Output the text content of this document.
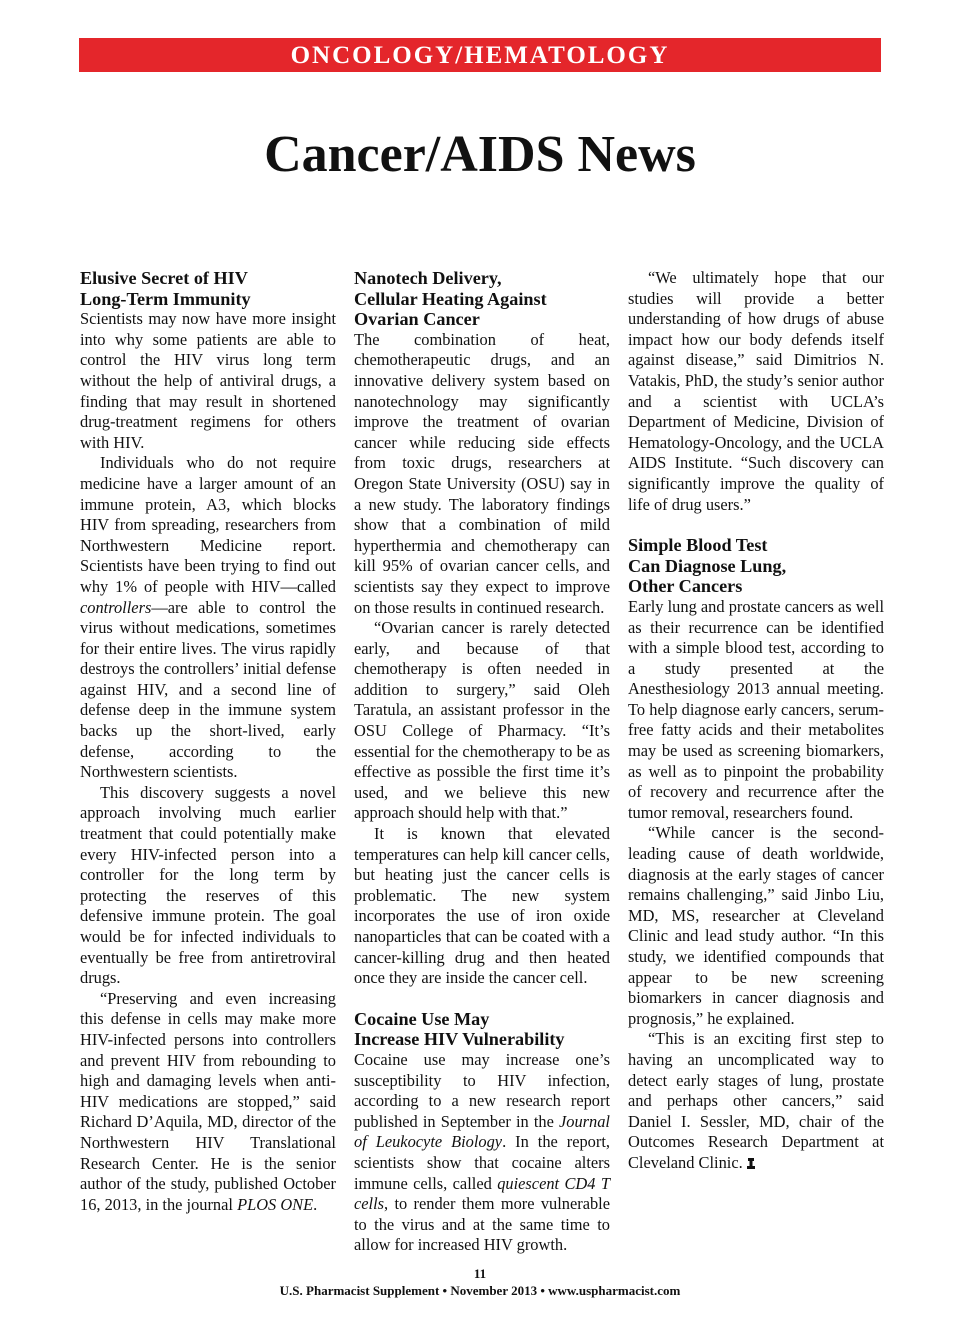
ONCOLOGY/HEMATOLOGY
Cancer/AIDS News
Elusive Secret of HIV
Long-Term Immunity

Scientists may now have more insight into why some patients are able to control the HIV virus long term without the help of antiviral drugs, a finding that may result in shortened drug-treatment regimens for others with HIV.

Individuals who do not require medicine have a larger amount of an immune protein, A3, which blocks HIV from spreading, researchers from Northwestern Medicine report. Scientists have been trying to find out why 1% of people with HIV—called controllers—are able to control the virus without medications, sometimes for their entire lives. The virus rapidly destroys the controllers’ initial defense against HIV, and a second line of defense deep in the immune system backs up the short-lived, early defense, according to the Northwestern scientists.

This discovery suggests a novel approach involving much earlier treatment that could potentially make every HIV-infected person into a controller for the long term by protecting the reserves of this defensive immune protein. The goal would be for infected individuals to eventually be free from antiretroviral drugs.

“Preserving and even increasing this defense in cells may make more HIV-infected persons into controllers and prevent HIV from rebounding to high and damaging levels when anti-HIV medications are stopped,” said Richard D’Aquila, MD, director of the Northwestern HIV Translational Research Center. He is the senior author of the study, published October 16, 2013, in the journal PLOS ONE.

Nanotech Delivery,
Cellular Heating Against
Ovarian Cancer

The combination of heat, chemotherapeutic drugs, and an innovative delivery system based on nanotechnology may significantly improve the treatment of ovarian cancer while reducing side effects from toxic drugs, researchers at Oregon State University (OSU) say in a new study. The laboratory findings show that a combination of mild hyperthermia and chemotherapy can kill 95% of ovarian cancer cells, and scientists say they expect to improve on those results in continued research.

“Ovarian cancer is rarely detected early, and because of that chemotherapy is often needed in addition to surgery,” said Oleh Taratula, an assistant professor in the OSU College of Pharmacy. “It’s essential for the chemotherapy to be as effective as possible the first time it’s used, and we believe this new approach should help with that.”

It is known that elevated temperatures can help kill cancer cells, but heating just the cancer cells is problematic. The new system incorporates the use of iron oxide nanoparticles that can be coated with a cancer-killing drug and then heated once they are inside the cancer cell.

Cocaine Use May
Increase HIV Vulnerability

Cocaine use may increase one’s susceptibility to HIV infection, according to a new research report published in September in the Journal of Leukocyte Biology. In the report, scientists show that cocaine alters immune cells, called quiescent CD4 T cells, to render them more vulnerable to the virus and at the same time to allow for increased HIV growth.

“We ultimately hope that our studies will provide a better understanding of how drugs of abuse impact how our body defends itself against disease,” said Dimitrios N. Vatakis, PhD, the study’s senior author and a scientist with UCLA’s Department of Medicine, Division of Hematology-Oncology, and the UCLA AIDS Institute. “Such discovery can significantly improve the quality of life of drug users.”

Simple Blood Test
Can Diagnose Lung,
Other Cancers

Early lung and prostate cancers as well as their recurrence can be identified with a simple blood test, according to a study presented at the Anesthesiology 2013 annual meeting. To help diagnose early cancers, serum-free fatty acids and their metabolites may be used as screening biomarkers, as well as to pinpoint the probability of recovery and recurrence after the tumor removal, researchers found.

“While cancer is the second-leading cause of death worldwide, diagnosis at the early stages of cancer remains challenging,” said Jinbo Liu, MD, MS, researcher at Cleveland Clinic and lead study author. “In this study, we identified compounds that appear to be new screening biomarkers in cancer diagnosis and prognosis,” he explained.

“This is an exciting first step to having an uncomplicated way to detect early stages of lung, prostate and perhaps other cancers,” said Daniel I. Sessler, MD, chair of the Outcomes Research Department at Cleveland Clinic.

11
U.S. Pharmacist Supplement • November 2013 • www.uspharmacist.com
